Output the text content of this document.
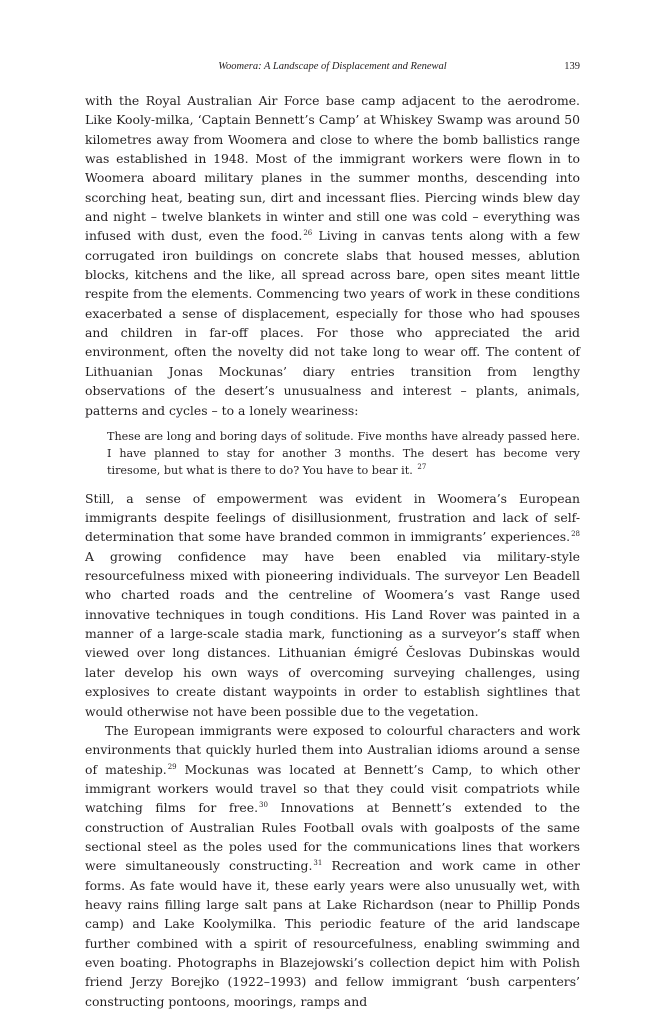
Woomera: A Landscape of Displacement and Renewal	139

with the Royal Australian Air Force base camp adjacent to the aerodrome. Like Kooly-milka, ‘Captain Bennett’s Camp’ at Whiskey Swamp was around 50 kilometres away from Woomera and close to where the bomb ballistics range was established in 1948. Most of the immigrant workers were flown in to Woomera aboard military planes in the summer months, descending into scorching heat, beating sun, dirt and incessant flies. Piercing winds blew day and night – twelve blankets in winter and still one was cold – everything was infused with dust, even the food.$^{26}$ Living in canvas tents along with a few corrugated iron buildings on concrete slabs that housed messes, ablution blocks, kitchens and the like, all spread across bare, open sites meant little respite from the elements. Commencing two years of work in these conditions exacerbated a sense of displacement, especially for those who had spouses and children in far-off places. For those who appreciated the arid environment, often the novelty did not take long to wear off. The content of Lithuanian Jonas Mockunas’ diary entries transition from lengthy observations of the desert’s unusualness and interest – plants, animals, patterns and cycles – to a lonely weariness:

These are long and boring days of solitude. Five months have already passed here. I have planned to stay for another 3 months. The desert has become very tiresome, but what is there to do? You have to bear it. $^{27}$

Still, a sense of empowerment was evident in Woomera’s European immigrants despite feelings of disillusionment, frustration and lack of self-determination that some have branded common in immigrants’ experiences.$^{28}$ A growing confidence may have been enabled via military-style resourcefulness mixed with pioneering individuals. The surveyor Len Beadell who charted roads and the centreline of Woomera’s vast Range used innovative techniques in tough conditions. His Land Rover was painted in a manner of a large-scale stadia mark, functioning as a surveyor’s staff when viewed over long distances. Lithuanian émigré Česlovas Dubinskas would later develop his own ways of overcoming surveying challenges, using explosives to create distant waypoints in order to establish sightlines that would otherwise not have been possible due to the vegetation.

The European immigrants were exposed to colourful characters and work environments that quickly hurled them into Australian idioms around a sense of mateship.$^{29}$ Mockunas was located at Bennett’s Camp, to which other immigrant workers would travel so that they could visit compatriots while watching films for free.$^{30}$ Innovations at Bennett’s extended to the construction of Australian Rules Football ovals with goalposts of the same sectional steel as the poles used for the communications lines that workers were simultaneously constructing.$^{31}$ Recreation and work came in other forms. As fate would have it, these early years were also unusually wet, with heavy rains filling large salt pans at Lake Richardson (near to Phillip Ponds camp) and Lake Koolymilka. This periodic feature of the arid landscape further combined with a spirit of resourcefulness, enabling swimming and even boating. Photographs in Blazejowski’s collection depict him with Polish friend Jerzy Borejko (1922–1993) and fellow immigrant ‘bush carpenters’ constructing pontoons, moorings, ramps and
